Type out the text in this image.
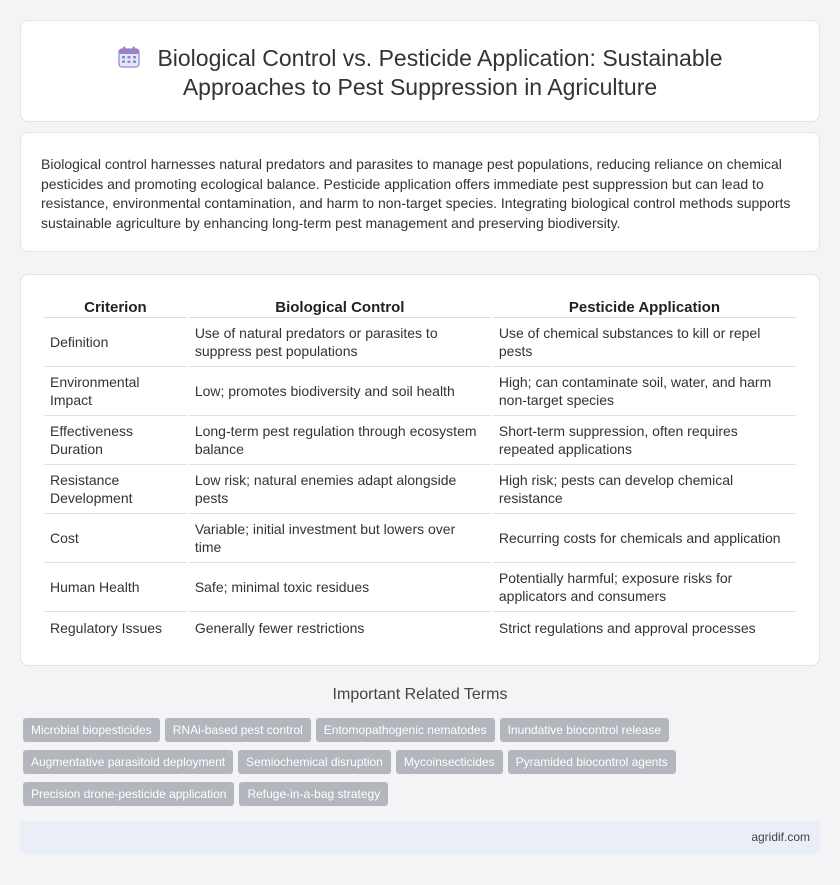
Biological Control vs. Pesticide Application: Sustainable Approaches to Pest Suppression in Agriculture

Biological control harnesses natural predators and parasites to manage pest populations, reducing reliance on chemical pesticides and promoting ecological balance. Pesticide application offers immediate pest suppression but can lead to resistance, environmental contamination, and harm to non-target species. Integrating biological control methods supports sustainable agriculture by enhancing long-term pest management and preserving biodiversity.

Criterion	Biological Control	Pesticide Application
Definition	Use of natural predators or parasites to suppress pest populations	Use of chemical substances to kill or repel pests
Environmental Impact	Low; promotes biodiversity and soil health	High; can contaminate soil, water, and harm non-target species
Effectiveness Duration	Long-term pest regulation through ecosystem balance	Short-term suppression, often requires repeated applications
Resistance Development	Low risk; natural enemies adapt alongside pests	High risk; pests can develop chemical resistance
Cost	Variable; initial investment but lowers over time	Recurring costs for chemicals and application
Human Health	Safe; minimal toxic residues	Potentially harmful; exposure risks for applicators and consumers
Regulatory Issues	Generally fewer restrictions	Strict regulations and approval processes
Important Related Terms
Microbial biopesticides RNAi-based pest control Entomopathogenic nematodes Inundative biocontrol release
Augmentative parasitoid deployment Semiochemical disruption Mycoinsecticides Pyramided biocontrol agents
Precision drone-pesticide application Refuge-in-a-bag strategy
agridif.com
